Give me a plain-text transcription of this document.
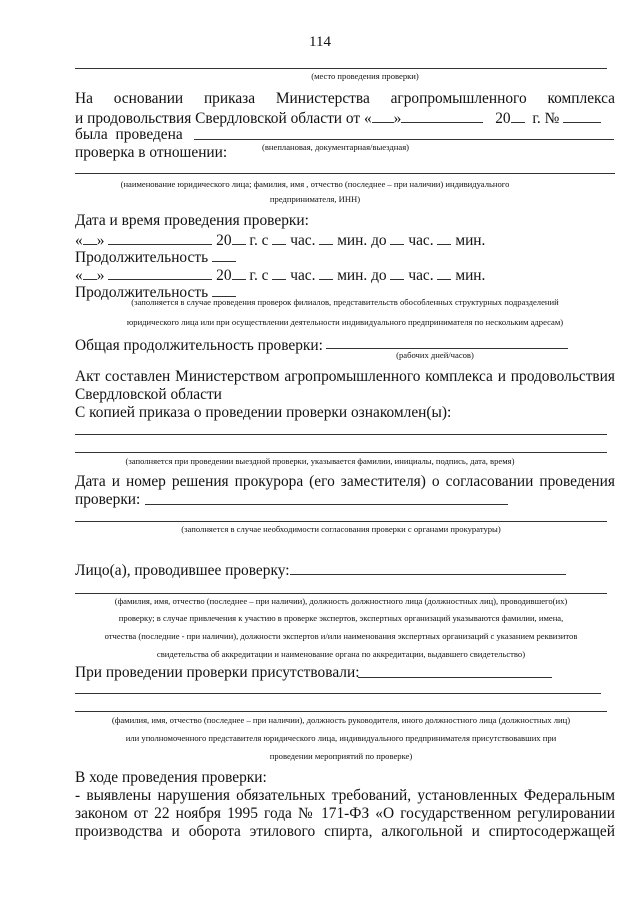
114
(место проведения проверки)
На основании приказа Министерства агропромышленного комплекса
и продовольствия Свердловской области от « »	20 г. №
была проведена
проверка в отношении:	(внеплановая, документарная/выездная)
(наименование юридического лица; фамилия, имя , отчество (последнее – при наличии) индивидуального
предпринимателя, ИНН)
Дата и время проведения проверки:
« »	20 г. с час. мин. до час. мин.
Продолжительность
« »	20 г. с час. мин. до час. мин.
Продолжительность
(заполняется в случае проведения проверок филиалов, представительств обособленных структурных подразделений
юридического лица или при осуществлении деятельности индивидуального предпринимателя по нескольким адресам)
Общая продолжительность проверки:
(рабочих дней/часов)
Акт составлен Министерством агропромышленного комплекса и продовольствия
Свердловской области
С копией приказа о проведении проверки ознакомлен(ы):
(заполняется при проведении выездной проверки, указывается фамилии, инициалы, подпись, дата, время)
Дата и номер решения прокурора (его заместителя) о согласовании проведения
проверки:
(заполняется в случае необходимости согласования проверки с органами прокуратуры)
Лицо(а), проводившее проверку:
(фамилия, имя, отчество (последнее – при наличии), должность должностного лица (должностных лиц), проводившего(их)
проверку; в случае привлечения к участию в проверке экспертов, экспертных организаций указываются фамилии, имена,
отчества (последние - при наличии), должности экспертов и/или наименования экспертных организаций с указанием реквизитов
свидетельства об аккредитации и наименование органа по аккредитации, выдавшего свидетельство)
При проведении проверки присутствовали:
(фамилия, имя, отчество (последнее – при наличии), должность руководителя, иного должностного лица (должностных лиц)
или уполномоченного представителя юридического лица, индивидуального предпринимателя присутствовавших при
проведении мероприятий по проверке)
В ходе проведения проверки:
- выявлены нарушения обязательных требований, установленных Федеральным
законом от 22 ноября 1995 года № 171-ФЗ «О государственном регулировании
производства и оборота этилового спирта, алкогольной и спиртосодержащей
